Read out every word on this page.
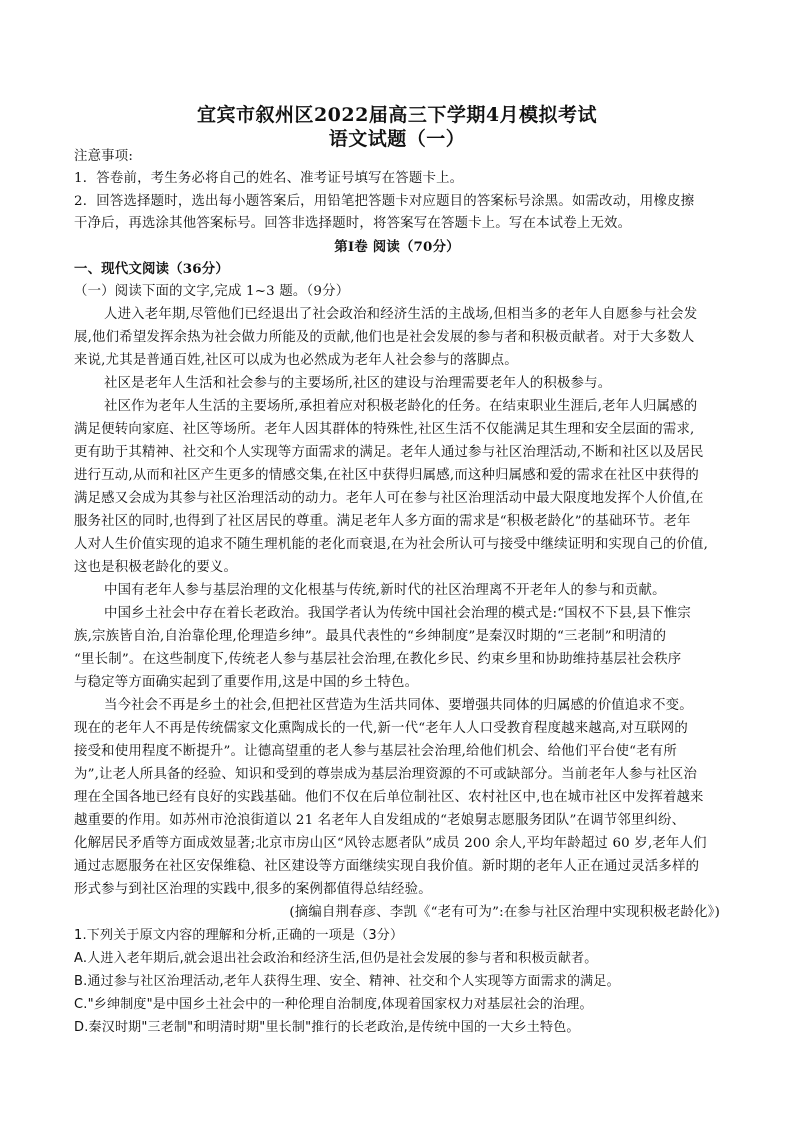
宜宾市叙州区2022届高三下学期4月模拟考试
语文试题（一）
注意事项:
1．答卷前，考生务必将自己的姓名、准考证号填写在答题卡上。
2．回答选择题时，选出每小题答案后，用铅笔把答题卡对应题目的答案标号涂黑。如需改动，用橡皮擦
干净后，再选涂其他答案标号。回答非选择题时，将答案写在答题卡上。写在本试卷上无效。
第Ⅰ卷 阅读（70分）
一、现代文阅读（36分）
（一）阅读下面的文字,完成 1~3 题。（9分）
人进入老年期,尽管他们已经退出了社会政治和经济生活的主战场,但相当多的老年人自愿参与社会发
展,他们希望发挥余热为社会做力所能及的贡献,他们也是社会发展的参与者和积极贡献者。对于大多数人
来说,尤其是普通百姓,社区可以成为也必然成为老年人社会参与的落脚点。
社区是老年人生活和社会参与的主要场所,社区的建设与治理需要老年人的积极参与。
社区作为老年人生活的主要场所,承担着应对积极老龄化的任务。在结束职业生涯后,老年人归属感的
满足便转向家庭、社区等场所。老年人因其群体的特殊性,社区生活不仅能满足其生理和安全层面的需求,
更有助于其精神、社交和个人实现等方面需求的满足。老年人通过参与社区治理活动,不断和社区以及居民
进行互动,从而和社区产生更多的情感交集,在社区中获得归属感,而这种归属感和爱的需求在社区中获得的
满足感又会成为其参与社区治理活动的动力。老年人可在参与社区治理活动中最大限度地发挥个人价值,在
服务社区的同时,也得到了社区居民的尊重。满足老年人多方面的需求是“积极老龄化”的基础环节。老年
人对人生价值实现的追求不随生理机能的老化而衰退,在为社会所认可与接受中继续证明和实现自己的价值,
这也是积极老龄化的要义。
中国有老年人参与基层治理的文化根基与传统,新时代的社区治理离不开老年人的参与和贡献。
中国乡土社会中存在着长老政治。我国学者认为传统中国社会治理的模式是:“国权不下县,县下惟宗
族,宗族皆自治,自治靠伦理,伦理造乡绅”。最具代表性的“乡绅制度”是秦汉时期的“三老制”和明清的
“里长制”。在这些制度下,传统老人参与基层社会治理,在教化乡民、约束乡里和协助维持基层社会秩序
与稳定等方面确实起到了重要作用,这是中国的乡土特色。
当今社会不再是乡土的社会,但把社区营造为生活共同体、要增强共同体的归属感的价值追求不变。
现在的老年人不再是传统儒家文化熏陶成长的一代,新一代“老年人人口受教育程度越来越高,对互联网的
接受和使用程度不断提升”。让德高望重的老人参与基层社会治理,给他们机会、给他们平台使“老有所
为”,让老人所具备的经验、知识和受到的尊崇成为基层治理资源的不可或缺部分。当前老年人参与社区治
理在全国各地已经有良好的实践基础。他们不仅在后单位制社区、农村社区中,也在城市社区中发挥着越来
越重要的作用。如苏州市沧浪街道以 21 名老年人自发组成的“老娘舅志愿服务团队”在调节邻里纠纷、
化解居民矛盾等方面成效显著;北京市房山区“风铃志愿者队”成员 200 余人,平均年龄超过 60 岁,老年人们
通过志愿服务在社区安保维稳、社区建设等方面继续实现自我价值。新时期的老年人正在通过灵活多样的
形式参与到社区治理的实践中,很多的案例都值得总结经验。
(摘编自荆春彦、李凯《“老有可为”:在参与社区治理中实现积极老龄化》)
1.下列关于原文内容的理解和分析,正确的一项是（3分）
A.人进入老年期后,就会退出社会政治和经济生活,但仍是社会发展的参与者和积极贡献者。
B.通过参与社区治理活动,老年人获得生理、安全、精神、社交和个人实现等方面需求的满足。
C."乡绅制度"是中国乡土社会中的一种伦理自治制度,体现着国家权力对基层社会的治理。
D.秦汉时期"三老制"和明清时期"里长制"推行的长老政治,是传统中国的一大乡土特色。
